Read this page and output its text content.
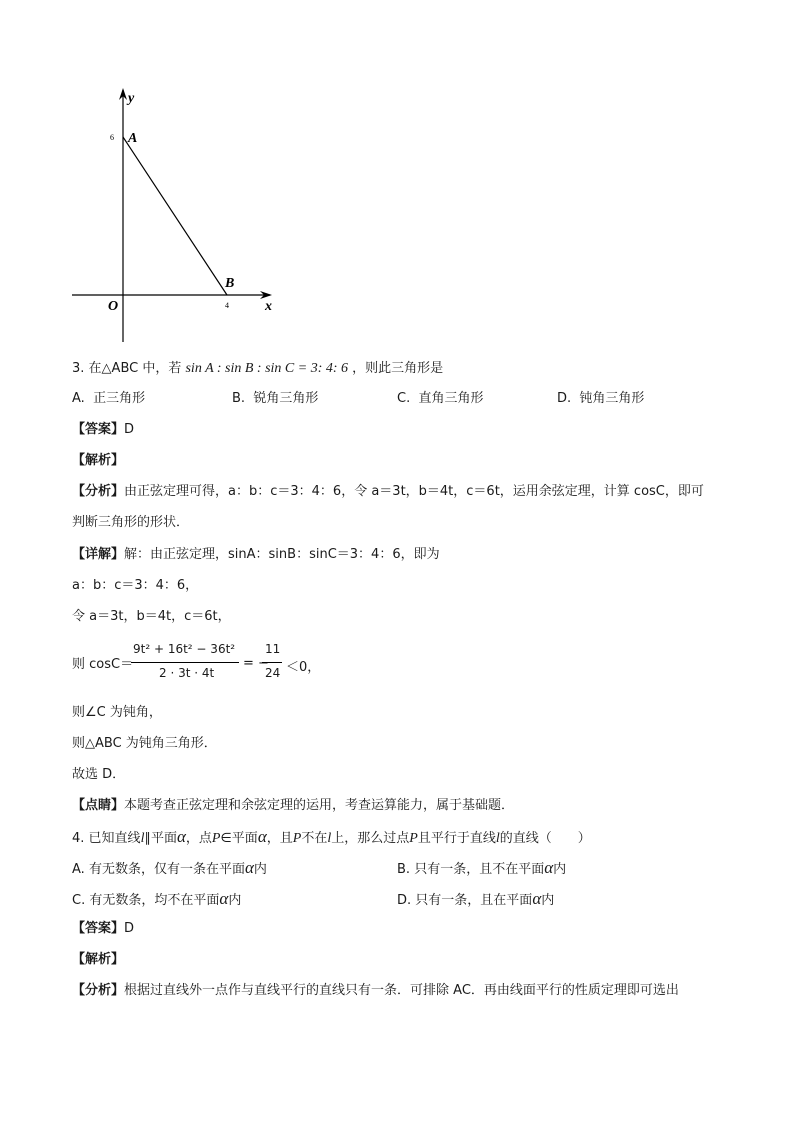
y
x
O
A
B
6
4
3. 在△ABC 中，若 sin A : sin B : sin C = 3: 4: 6 ，则此三角形是
A. 正三角形	B. 锐角三角形	C. 直角三角形	D. 钝角三角形
【答案】D
【解析】
【分析】由正弦定理可得，a：b：c＝3：4：6，令 a＝3t，b＝4t，c＝6t，运用余弦定理，计算 cosC，即可
判断三角形的形状．
【详解】解：由正弦定理，sinA：sinB：sinC＝3：4：6，即为
a：b：c＝3：4：6，
令 a＝3t，b＝4t，c＝6t，
则 cosC＝
9t² + 16t² − 36t²
2 · 3t · 4t
= −
11
24 ＜0，
则∠C 为钝角，
则△ABC 为钝角三角形．
故选 D．
【点睛】本题考查正弦定理和余弦定理的运用，考查运算能力，属于基础题．
4. 已知直线l∥平面α，点P∈平面α，且P不在l上，那么过点P且平行于直线l的直线（　　）
A. 有无数条，仅有一条在平面α内	B. 只有一条，且不在平面α内
C. 有无数条，均不在平面α内	D. 只有一条，且在平面α内
【答案】D
【解析】
【分析】根据过直线外一点作与直线平行的直线只有一条．可排除 AC．再由线面平行的性质定理即可选出
